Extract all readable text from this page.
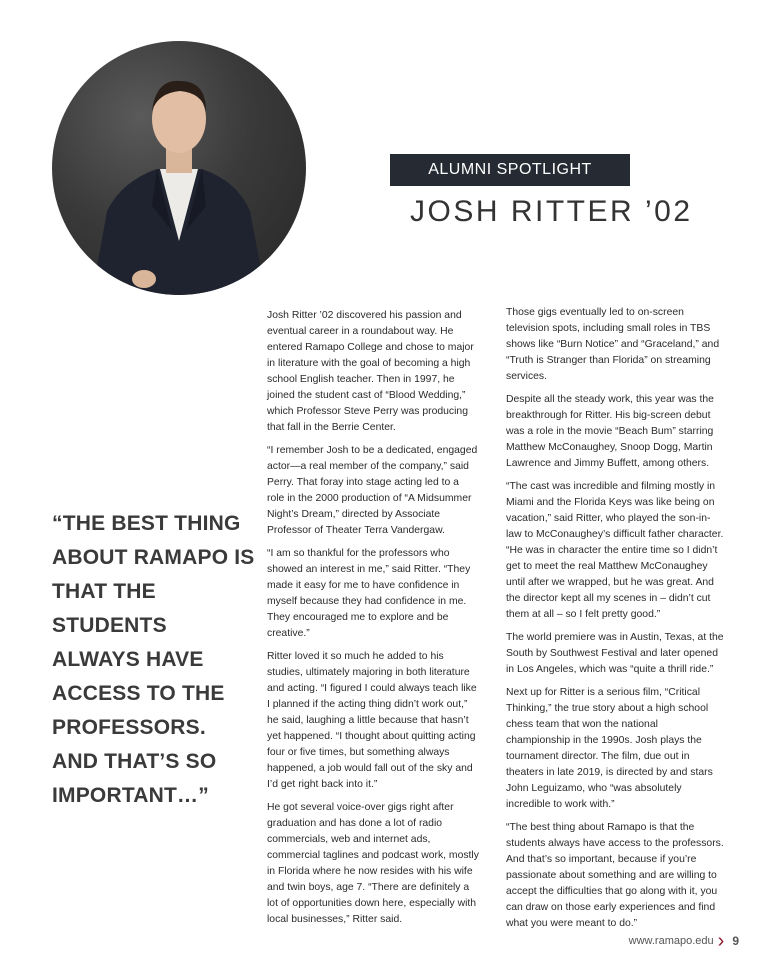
ALUMNI SPOTLIGHT
JOSH RITTER ’02

“THE BEST THING ABOUT RAMAPO IS THAT THE STUDENTS ALWAYS HAVE ACCESS TO THE PROFESSORS. AND THAT’S SO IMPORTANT…”

Josh Ritter ’02 discovered his passion and eventual career in a roundabout way. He entered Ramapo College and chose to major in literature with the goal of becoming a high school English teacher. Then in 1997, he joined the student cast of “Blood Wedding,” which Professor Steve Perry was producing that fall in the Berrie Center.

“I remember Josh to be a dedicated, engaged actor—a real member of the company,” said Perry. That foray into stage acting led to a role in the 2000 production of “A Midsummer Night’s Dream,” directed by Associate Professor of Theater Terra Vandergaw.

“I am so thankful for the professors who showed an interest in me,” said Ritter. “They made it easy for me to have confidence in myself because they had confidence in me. They encouraged me to explore and be creative.”

Ritter loved it so much he added to his studies, ultimately majoring in both literature and acting. “I figured I could always teach like I planned if the acting thing didn’t work out,” he said, laughing a little because that hasn’t yet happened. “I thought about quitting acting four or five times, but something always happened, a job would fall out of the sky and I’d get right back into it.”

He got several voice-over gigs right after graduation and has done a lot of radio commercials, web and internet ads, commercial taglines and podcast work, mostly in Florida where he now resides with his wife and twin boys, age 7. “There are definitely a lot of opportunities down here, especially with local businesses,” Ritter said.

Those gigs eventually led to on-screen television spots, including small roles in TBS shows like “Burn Notice” and “Graceland,” and “Truth is Stranger than Florida” on streaming services.

Despite all the steady work, this year was the breakthrough for Ritter. His big-screen debut was a role in the movie “Beach Bum” starring Matthew McConaughey, Snoop Dogg, Martin Lawrence and Jimmy Buffett, among others.

“The cast was incredible and filming mostly in Miami and the Florida Keys was like being on vacation,” said Ritter, who played the son-in-law to McConaughey’s difficult father character. “He was in character the entire time so I didn’t get to meet the real Matthew McConaughey until after we wrapped, but he was great. And the director kept all my scenes in – didn’t cut them at all – so I felt pretty good.”

The world premiere was in Austin, Texas, at the South by Southwest Festival and later opened in Los Angeles, which was “quite a thrill ride.”

Next up for Ritter is a serious film, “Critical Thinking,” the true story about a high school chess team that won the national championship in the 1990s. Josh plays the tournament director. The film, due out in theaters in late 2019, is directed by and stars John Leguizamo, who “was absolutely incredible to work with.”

“The best thing about Ramapo is that the students always have access to the professors. And that’s so important, because if you’re passionate about something and are willing to accept the difficulties that go along with it, you can draw on those early experiences and find what you were meant to do.”

www.ramapo.edu › 9
